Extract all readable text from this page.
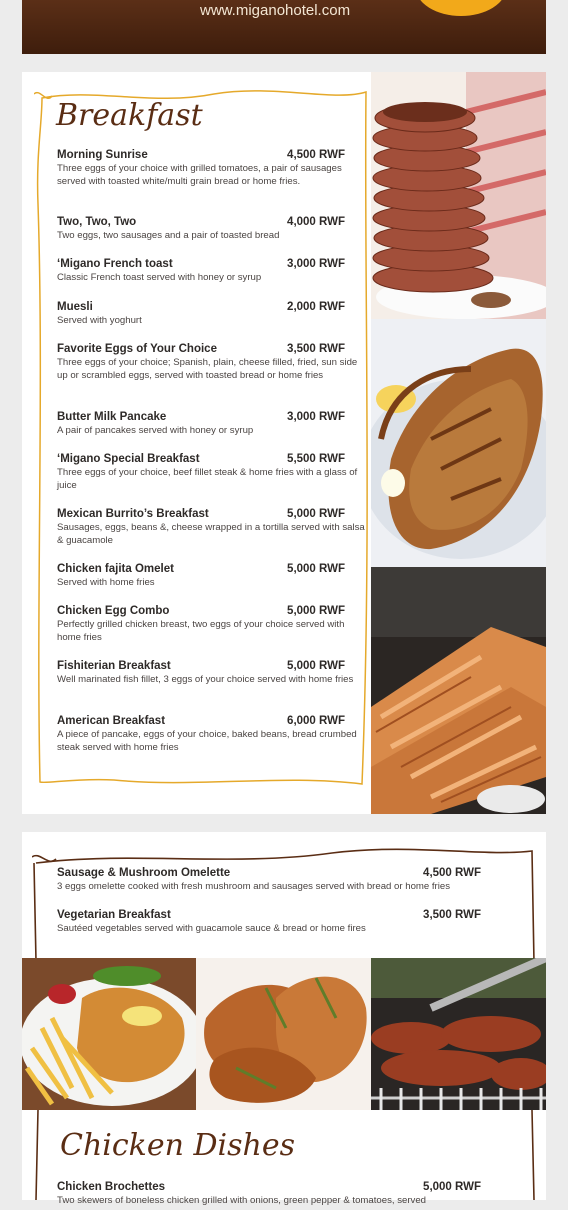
www.miganohotel.com
Breakfast
Morning Sunrise	4,500 RWF
Three eggs of your choice with grilled tomatoes, a pair of sausages served with toasted white/multi grain bread or home fries.
Two, Two, Two	4,000 RWF
Two eggs, two sausages and a pair of toasted bread
‘Migano French toast	3,000 RWF
Classic French toast served with honey or syrup
Muesli	2,000 RWF
Served with yoghurt
Favorite Eggs of Your Choice	3,500 RWF
Three eggs of your choice; Spanish, plain, cheese filled, fried, sun side up or scrambled eggs, served with toasted bread or home fries
Butter Milk Pancake	3,000 RWF
A pair of pancakes served with honey or syrup
‘Migano Special Breakfast	5,500 RWF
Three eggs of your choice, beef fillet steak & home fries with a glass of juice
Mexican Burrito’s Breakfast	5,000 RWF
Sausages, eggs, beans &, cheese wrapped in a tortilla served with salsa & guacamole
Chicken fajita Omelet	5,000 RWF
Served with home fries
Chicken Egg Combo	5,000 RWF
Perfectly grilled chicken breast, two eggs of your choice served with home fries
Fishiterian Breakfast	5,000 RWF
Well marinated fish fillet, 3 eggs of your choice served with home fries
American Breakfast	6,000 RWF
A piece of pancake, eggs of your choice, baked beans, bread crumbed steak served with home fries
Sausage & Mushroom Omelette	4,500 RWF
3 eggs omelette cooked with fresh mushroom and sausages served with bread or home fries
Vegetarian Breakfast	3,500 RWF
Sautéed vegetables served with guacamole sauce & bread or home fires
Chicken Dishes
Chicken Brochettes	5,000 RWF
Two skewers of boneless chicken grilled with onions, green pepper & tomatoes, served
